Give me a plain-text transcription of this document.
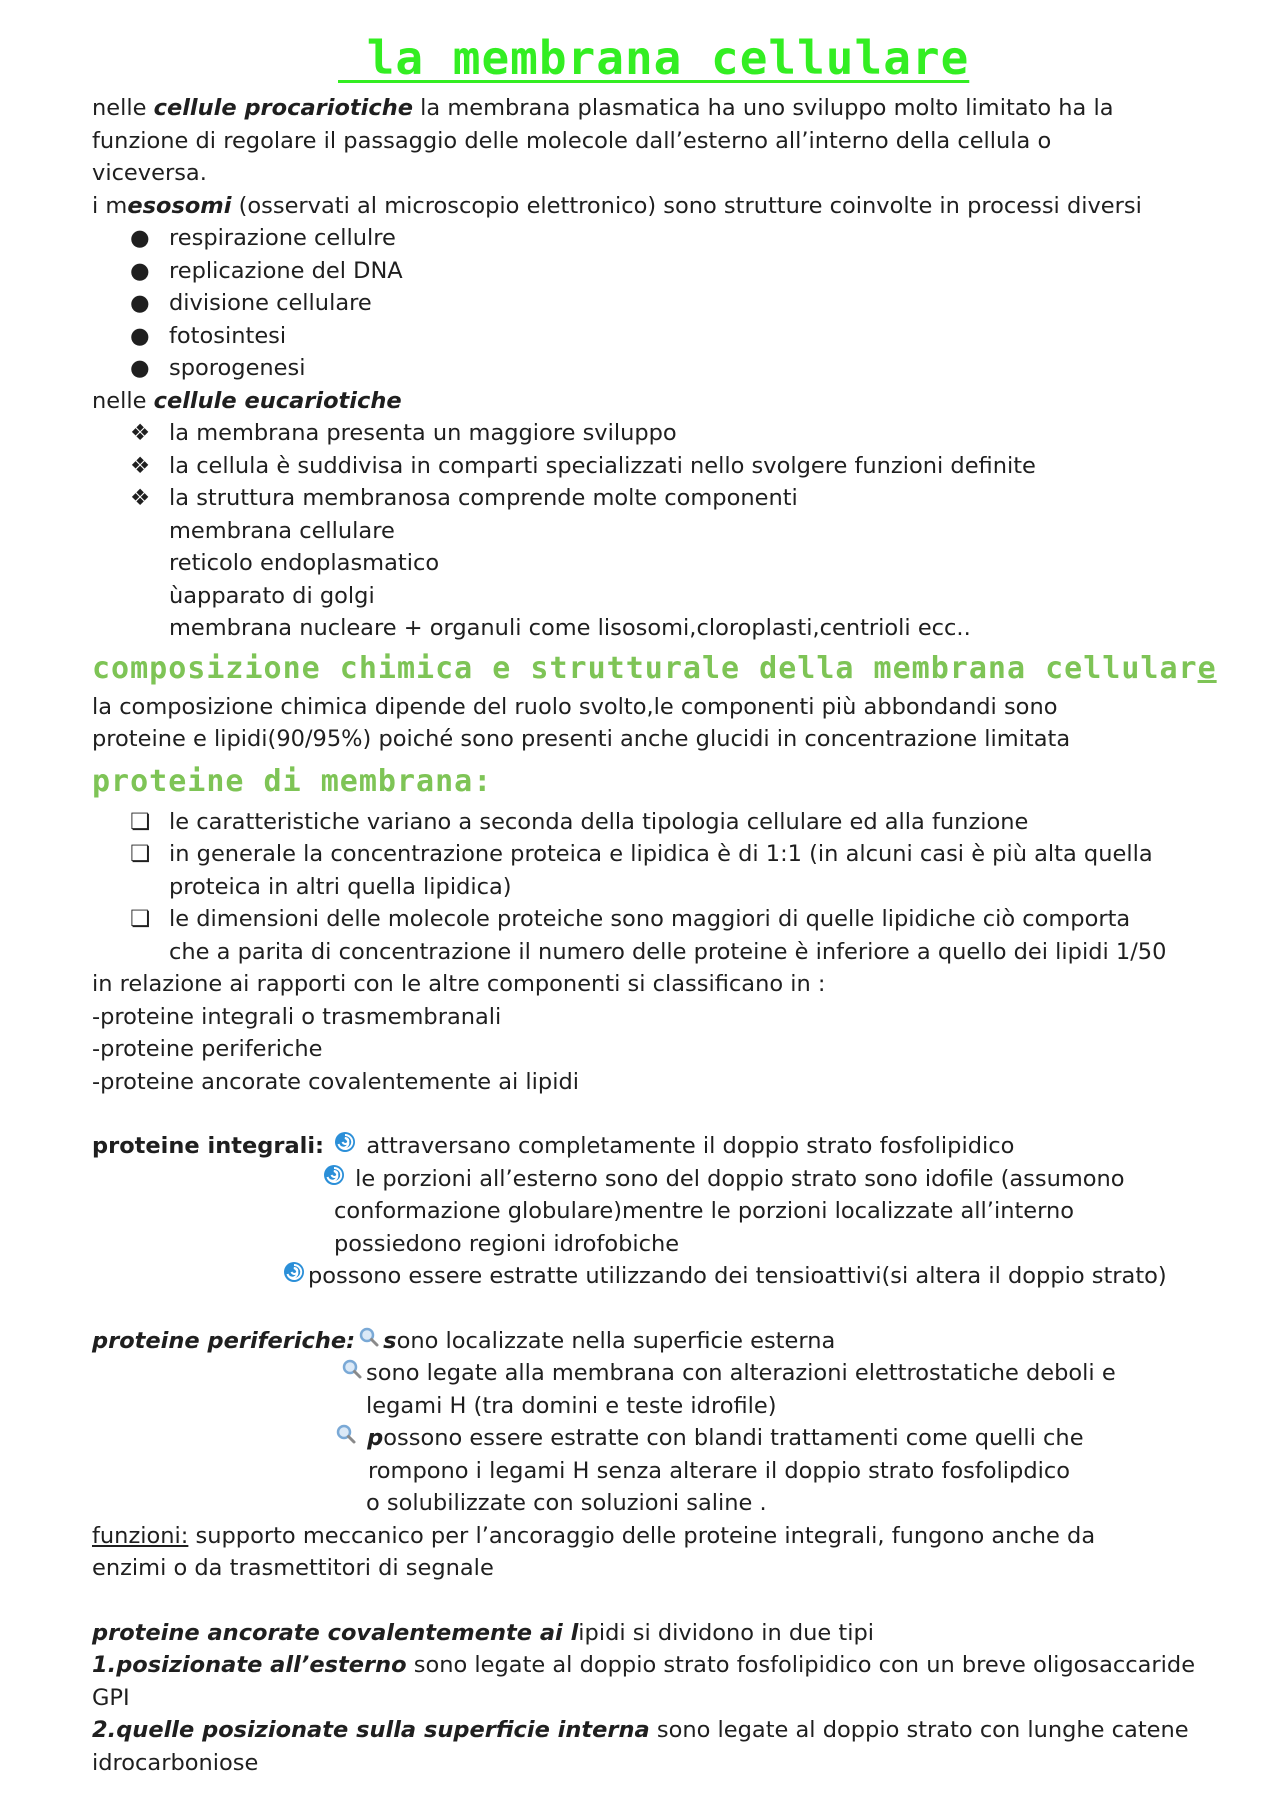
la membrana cellulare

nelle cellule procariotiche la membrana plasmatica ha uno sviluppo molto limitato ha la

funzione di regolare il passaggio delle molecole dall’esterno all’interno della cellula o

viceversa.

i mesosomi (osservati al microscopio elettronico) sono strutture coinvolte in processi diversi

● respirazione cellulre
● replicazione del DNA
● divisione cellulare
● fotosintesi
● sporogenesi

nelle cellule eucariotiche

❖ la membrana presenta un maggiore sviluppo
❖ la cellula è suddivisa in comparti specializzati nello svolgere funzioni definite
❖ la struttura membranosa comprende molte componenti

membrana cellulare

reticolo endoplasmatico

ùapparato di golgi

membrana nucleare + organuli come lisosomi,cloroplasti,centrioli ecc..

composizione chimica e strutturale della membrana cellulare

la composizione chimica dipende del ruolo svolto,le componenti più abbondandi sono

proteine e lipidi(90/95%) poiché sono presenti anche glucidi in concentrazione limitata

proteine di membrana:
❏ le caratteristiche variano a seconda della tipologia cellulare ed alla funzione
❏ in generale la concentrazione proteica e lipidica è di 1:1 (in alcuni casi è più alta quella
proteica in altri quella lipidica)
❏ le dimensioni delle molecole proteiche sono maggiori di quelle lipidiche ciò comporta
che a parita di concentrazione il numero delle proteine è inferiore a quello dei lipidi 1/50

in relazione ai rapporti con le altre componenti si classificano in :

-proteine integrali o trasmembranali

-proteine periferiche

-proteine ancorate covalentemente ai lipidi

proteine integrali: attraversano completamente il doppio strato fosfolipidico

le porzioni all’esterno sono del doppio strato sono idofile (assumono

conformazione globulare)mentre le porzioni localizzate all’interno

possiedono regioni idrofobiche

possono essere estratte utilizzando dei tensioattivi(si altera il doppio strato)

proteine periferiche: sono localizzate nella superficie esterna

sono legate alla membrana con alterazioni elettrostatiche deboli e

legami H (tra domini e teste idrofile)

possono essere estratte con blandi trattamenti come quelli che

rompono i legami H senza alterare il doppio strato fosfolipdico

o solubilizzate con soluzioni saline .

funzioni: supporto meccanico per l’ancoraggio delle proteine integrali, fungono anche da

enzimi o da trasmettitori di segnale

proteine ancorate covalentemente ai lipidi si dividono in due tipi

1.posizionate all’esterno sono legate al doppio strato fosfolipidico con un breve oligosaccaride

GPI

2.quelle posizionate sulla superficie interna sono legate al doppio strato con lunghe catene

idrocarboniose
